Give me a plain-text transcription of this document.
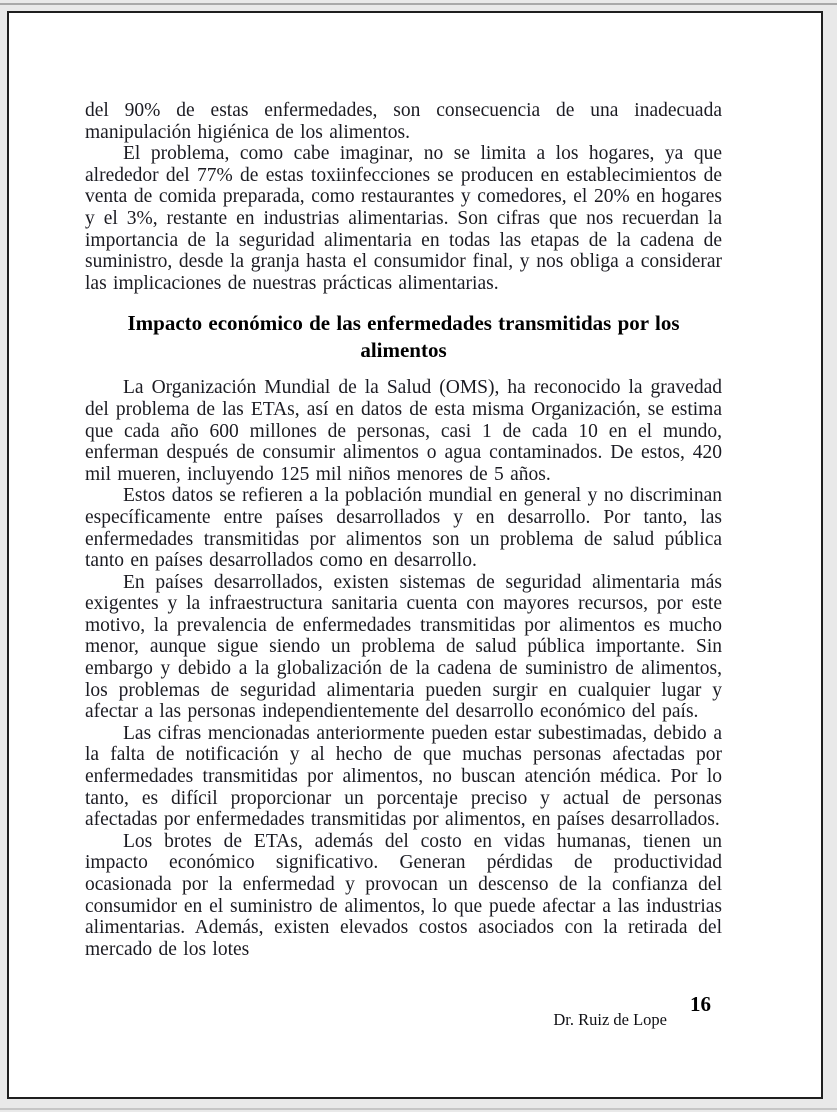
del 90% de estas enfermedades, son consecuencia de una inadecuada manipulación higiénica de los alimentos.

El problema, como cabe imaginar, no se limita a los hogares, ya que alrededor del 77% de estas toxiinfecciones se producen en establecimientos de venta de comida preparada, como restaurantes y comedores, el 20% en hogares y el 3%, restante en industrias alimentarias. Son cifras que nos recuerdan la importancia de la seguridad alimentaria en todas las etapas de la cadena de suministro, desde la granja hasta el consumidor final, y nos obliga a considerar las implicaciones de nuestras prácticas alimentarias.

Impacto económico de las enfermedades transmitidas por los alimentos

La Organización Mundial de la Salud (OMS), ha reconocido la gravedad del problema de las ETAs, así en datos de esta misma Organización, se estima que cada año 600 millones de personas, casi 1 de cada 10 en el mundo, enferman después de consumir alimentos o agua contaminados. De estos, 420 mil mueren, incluyendo 125 mil niños menores de 5 años.

Estos datos se refieren a la población mundial en general y no discriminan específicamente entre países desarrollados y en desarrollo. Por tanto, las enfermedades transmitidas por alimentos son un problema de salud pública tanto en países desarrollados como en desarrollo.

En países desarrollados, existen sistemas de seguridad alimentaria más exigentes y la infraestructura sanitaria cuenta con mayores recursos, por este motivo, la prevalencia de enfermedades transmitidas por alimentos es mucho menor, aunque sigue siendo un problema de salud pública importante. Sin embargo y debido a la globalización de la cadena de suministro de alimentos, los problemas de seguridad alimentaria pueden surgir en cualquier lugar y afectar a las personas independientemente del desarrollo económico del país.

Las cifras mencionadas anteriormente pueden estar subestimadas, debido a la falta de notificación y al hecho de que muchas personas afectadas por enfermedades transmitidas por alimentos, no buscan atención médica. Por lo tanto, es difícil proporcionar un porcentaje preciso y actual de personas afectadas por enfermedades transmitidas por alimentos, en países desarrollados.

Los brotes de ETAs, además del costo en vidas humanas, tienen un impacto económico significativo. Generan pérdidas de productividad ocasionada por la enfermedad y provocan un descenso de la confianza del consumidor en el suministro de alimentos, lo que puede afectar a las industrias alimentarias. Además, existen elevados costos asociados con la retirada del mercado de los lotes

Dr. Ruiz de Lope
16
